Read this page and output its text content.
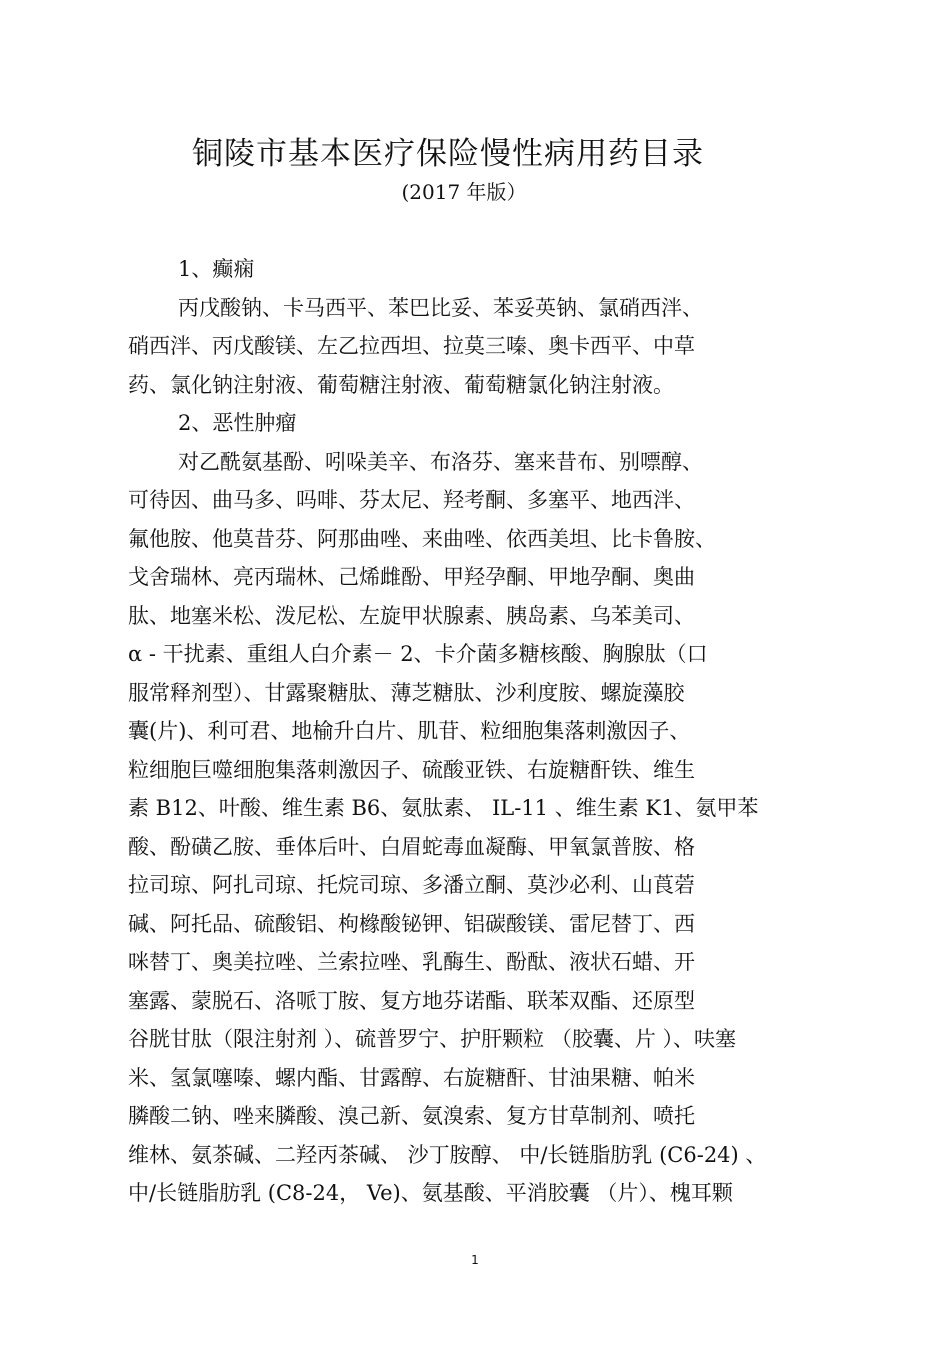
铜陵市基本医疗保险慢性病用药目录
(2017 年版）
1、癫痫
丙戊酸钠、卡马西平、苯巴比妥、苯妥英钠、氯硝西泮、
硝西泮、丙戊酸镁、左乙拉西坦、拉莫三嗪、奥卡西平、中草
药、氯化钠注射液、葡萄糖注射液、葡萄糖氯化钠注射液。
2、恶性肿瘤
对乙酰氨基酚、吲哚美辛、布洛芬、塞来昔布、别嘌醇、
可待因、曲马多、吗啡、芬太尼、羟考酮、多塞平、地西泮、
氟他胺、他莫昔芬、阿那曲唑、来曲唑、依西美坦、比卡鲁胺、
戈舍瑞林、亮丙瑞林、己烯雌酚、甲羟孕酮、甲地孕酮、奥曲
肽、地塞米松、泼尼松、左旋甲状腺素、胰岛素、乌苯美司、
α - 干扰素、重组人白介素－ 2、卡介菌多糖核酸、胸腺肽（口
服常释剂型）、甘露聚糖肽、薄芝糖肽、沙利度胺、螺旋藻胶
囊(片)、利可君、地榆升白片、肌苷、粒细胞集落刺激因子、
粒细胞巨噬细胞集落刺激因子、硫酸亚铁、右旋糖酐铁、维生
素 B12、叶酸、维生素 B6、氨肽素、 IL-11 、维生素 K1、氨甲苯
酸、酚磺乙胺、垂体后叶、白眉蛇毒血凝酶、甲氧氯普胺、格
拉司琼、阿扎司琼、托烷司琼、多潘立酮、莫沙必利、山莨菪
碱、阿托品、硫酸铝、枸橼酸铋钾、铝碳酸镁、雷尼替丁、西
咪替丁、奥美拉唑、兰索拉唑、乳酶生、酚酞、液状石蜡、开
塞露、蒙脱石、洛哌丁胺、复方地芬诺酯、联苯双酯、还原型
谷胱甘肽（限注射剂 ）、硫普罗宁、护肝颗粒 （胶囊、片 ）、呋塞
米、氢氯噻嗪、螺内酯、甘露醇、右旋糖酐、甘油果糖、帕米
膦酸二钠、唑来膦酸、溴己新、氨溴索、复方甘草制剂、喷托
维林、氨茶碱、二羟丙茶碱、 沙丁胺醇、 中/长链脂肪乳 (C6-24) 、
中/长链脂肪乳 (C8-24， Ve)、氨基酸、平消胶囊 （片）、槐耳颗
1
